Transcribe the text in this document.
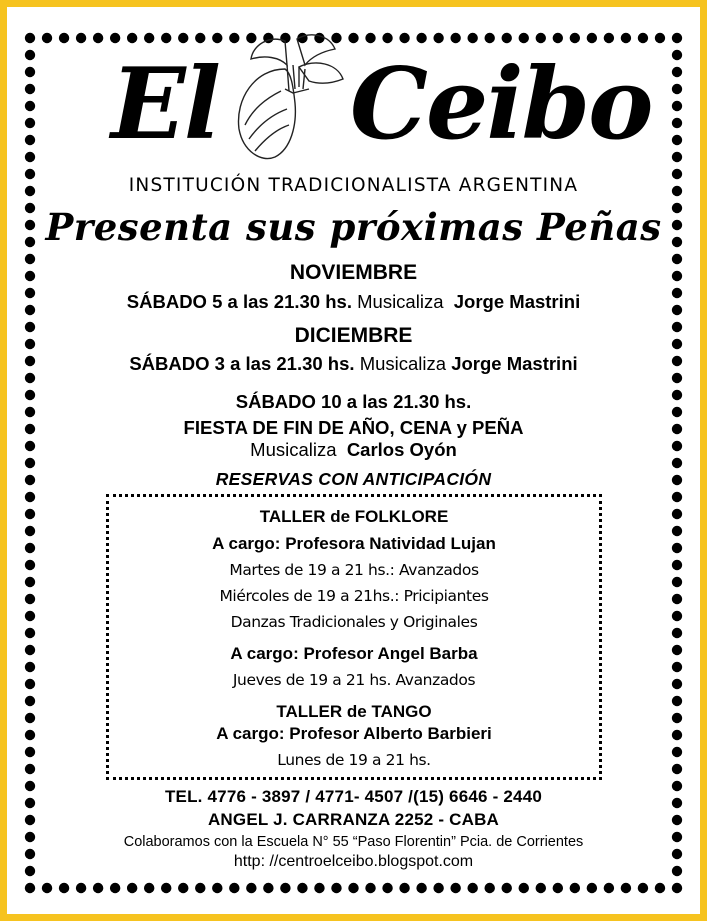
El Ceibo
INSTITUCIÓN TRADICIONALISTA ARGENTINA
Presenta sus próximas Peñas
NOVIEMBRE
SÁBADO 5 a las 21.30 hs. Musicaliza Jorge Mastrini
DICIEMBRE
SÁBADO 3 a las 21.30 hs. Musicaliza Jorge Mastrini
SÁBADO 10 a las 21.30 hs.
FIESTA DE FIN DE AÑO, CENA y PEÑA
Musicaliza Carlos Oyón
RESERVAS CON ANTICIPACIÓN
TALLER de FOLKLORE
A cargo: Profesora Natividad Lujan
Martes de 19 a 21 hs.: Avanzados
Miércoles de 19 a 21hs.: Pricipiantes
Danzas Tradicionales y Originales
A cargo: Profesor Angel Barba
Jueves de 19 a 21 hs. Avanzados
TALLER de TANGO
A cargo: Profesor Alberto Barbieri
Lunes de 19 a 21 hs.
TEL. 4776 - 3897 / 4771- 4507 /(15) 6646 - 2440
ANGEL J. CARRANZA 2252 - CABA
Colaboramos con la Escuela N° 55 “Paso Florentin” Pcia. de Corrientes
http: //centroelceibo.blogspot.com
